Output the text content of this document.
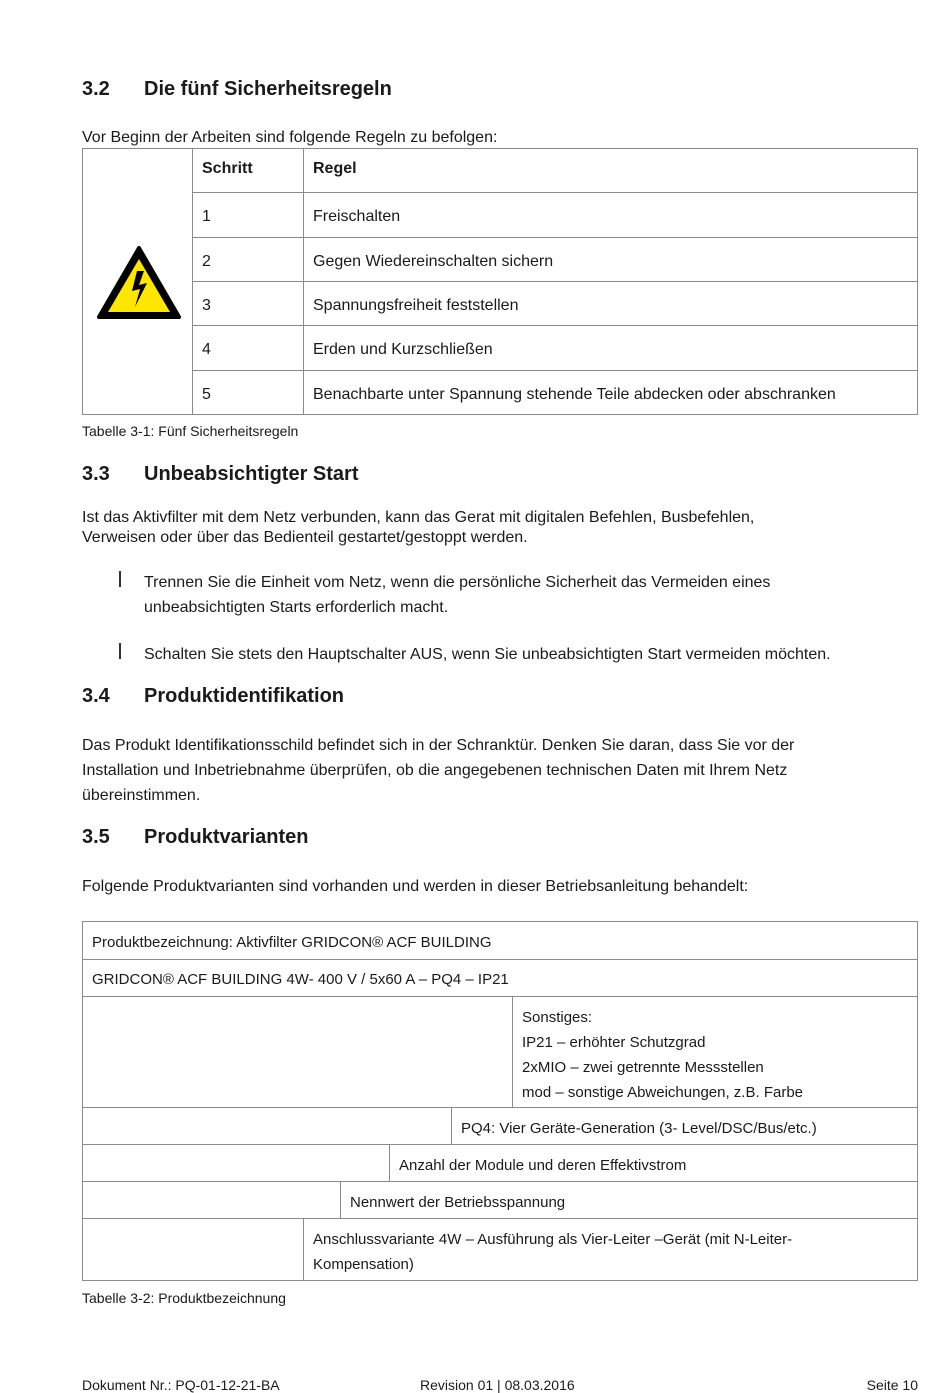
3.2 Die fünf Sicherheitsregeln
Vor Beginn der Arbeiten sind folgende Regeln zu befolgen:
Schritt	Regel
1	Freischalten
2	Gegen Wiedereinschalten sichern
3	Spannungsfreiheit feststellen
4	Erden und Kurzschließen
5	Benachbarte unter Spannung stehende Teile abdecken oder abschranken
Tabelle 3-1: Fünf Sicherheitsregeln
3.3 Unbeabsichtigter Start
Ist das Aktivfilter mit dem Netz verbunden, kann das Gerat mit digitalen Befehlen, Busbefehlen,
Verweisen oder über das Bedienteil gestartet/gestoppt werden.
Trennen Sie die Einheit vom Netz, wenn die persönliche Sicherheit das Vermeiden eines
unbeabsichtigten Starts erforderlich macht.
Schalten Sie stets den Hauptschalter AUS, wenn Sie unbeabsichtigten Start vermeiden möchten.
3.4 Produktidentifikation
Das Produkt Identifikationsschild befindet sich in der Schranktür. Denken Sie daran, dass Sie vor der
Installation und Inbetriebnahme überprüfen, ob die angegebenen technischen Daten mit Ihrem Netz
übereinstimmen.
3.5 Produktvarianten
Folgende Produktvarianten sind vorhanden und werden in dieser Betriebsanleitung behandelt:
Produktbezeichnung: Aktivfilter GRIDCON® ACF BUILDING
GRIDCON® ACF BUILDING 4W- 400 V / 5x60 A – PQ4 – IP21
Sonstiges:
IP21 – erhöhter Schutzgrad
2xMIO – zwei getrennte Messstellen
mod – sonstige Abweichungen, z.B. Farbe
PQ4: Vier Geräte-Generation (3- Level/DSC/Bus/etc.)
Anzahl der Module und deren Effektivstrom
Nennwert der Betriebsspannung
Anschlussvariante 4W – Ausführung als Vier-Leiter –Gerät (mit N-Leiter-
Kompensation)
Tabelle 3-2: Produktbezeichnung
Dokument Nr.: PQ-01-12-21-BA	Revision 01 | 08.03.2016	Seite 10
